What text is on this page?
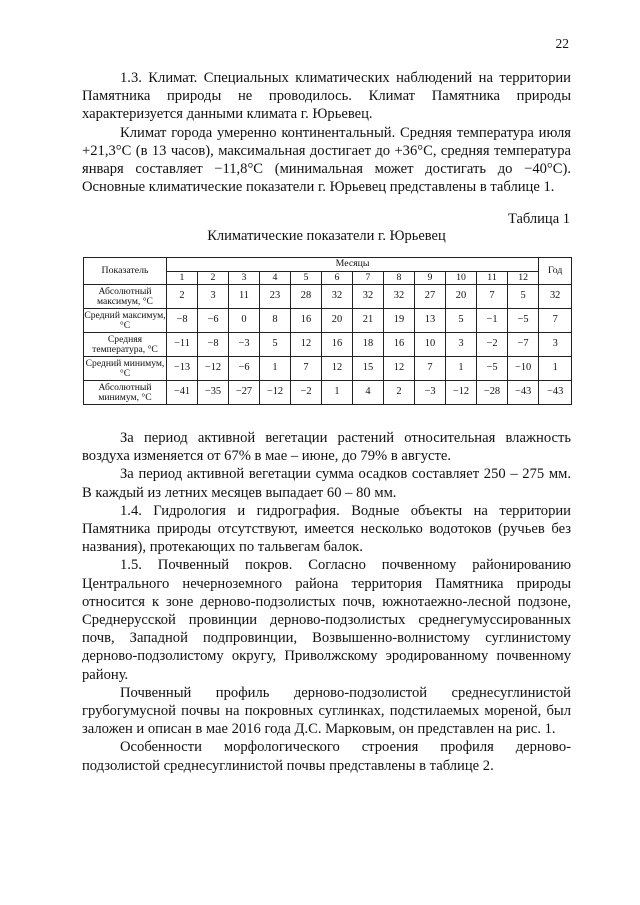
22

1.3. Климат. Специальных климатических наблюдений на территории Памятника природы не проводилось. Климат Памятника природы характеризуется данными климата г. Юрьевец.

Климат города умеренно континентальный. Средняя температура июля +21,3°С (в 13 часов), максимальная достигает до +36°С, средняя температура января составляет −11,8°С (минимальная может достигать до −40°С). Основные климатические показатели г. Юрьевец представлены в таблице 1.

Таблица 1
Климатические показатели г. Юрьевец
Показатель	Месяцы												Год
	1	2	3	4	5	6	7	8	9	10	11	12	
Абсолютный максимум, °С	2	3	11	23	28	32	32	32	27	20	7	5	32
Средний максимум, °С	−8	−6	0	8	16	20	21	19	13	5	−1	−5	7
Средняя температура, °С	−11	−8	−3	5	12	16	18	16	10	3	−2	−7	3
Средний минимум, °С	−13	−12	−6	1	7	12	15	12	7	1	−5	−10	1
Абсолютный минимум, °С	−41	−35	−27	−12	−2	1	4	2	−3	−12	−28	−43	−43

За период активной вегетации растений относительная влажность воздуха изменяется от 67% в мае – июне, до 79% в августе.

За период активной вегетации сумма осадков составляет 250 – 275 мм. В каждый из летних месяцев выпадает 60 – 80 мм.

1.4. Гидрология и гидрография. Водные объекты на территории Памятника природы отсутствуют, имеется несколько водотоков (ручьев без названия), протекающих по тальвегам балок.

1.5. Почвенный покров. Согласно почвенному районированию Центрального нечерноземного района территория Памятника природы относится к зоне дерново-подзолистых почв, южнотаежно-лесной подзоне, Среднерусской провинции дерново-подзолистых среднегумуссированных почв, Западной подпровинции, Возвышенно-волнистому суглинистому дерново-подзолистому округу, Приволжскому эродированному почвенному району.

Почвенный профиль дерново-подзолистой среднесуглинистой грубогумусной почвы на покровных суглинках, подстилаемых мореной, был заложен и описан в мае 2016 года Д.С. Марковым, он представлен на рис. 1.

Особенности морфологического строения профиля дерново-подзолистой среднесуглинистой почвы представлены в таблице 2.
